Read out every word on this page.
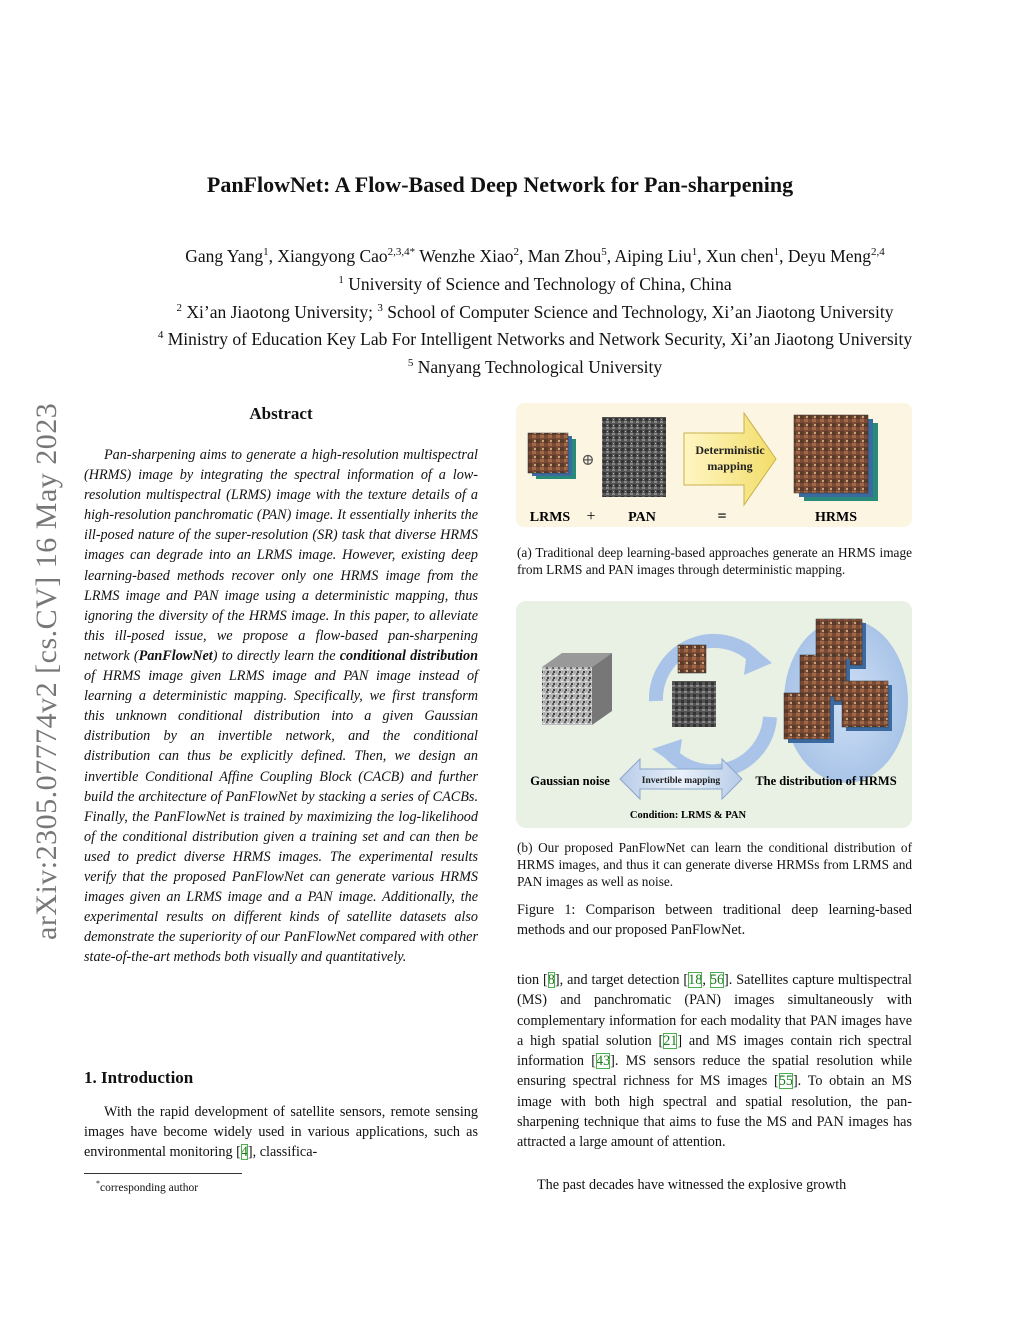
arXiv:2305.07774v2 [cs.CV] 16 May 2023
PanFlowNet: A Flow-Based Deep Network for Pan-sharpening
Gang Yang$^1$, Xiangyong Cao$^{2,3,4*}$ Wenzhe Xiao$^2$, Man Zhou$^5$, Aiping Liu$^1$, Xun chen$^1$, Deyu Meng$^{2,4}$
$^1$ University of Science and Technology of China, China
$^2$ Xi’an Jiaotong University; $^3$ School of Computer Science and Technology, Xi’an Jiaotong University
$^4$ Ministry of Education Key Lab For Intelligent Networks and Network Security, Xi’an Jiaotong University
$^5$ Nanyang Technological University
Abstract

Pan-sharpening aims to generate a high-resolution multispectral (HRMS) image by integrating the spectral information of a low-resolution multispectral (LRMS) image with the texture details of a high-resolution panchromatic (PAN) image. It essentially inherits the ill-posed nature of the super-resolution (SR) task that diverse HRMS images can degrade into an LRMS image. However, existing deep learning-based methods recover only one HRMS image from the LRMS image and PAN image using a deterministic mapping, thus ignoring the diversity of the HRMS image. In this paper, to alleviate this ill-posed issue, we propose a flow-based pan-sharpening network (PanFlowNet) to directly learn the conditional distribution of HRMS image given LRMS image and PAN image instead of learning a deterministic mapping. Specifically, we first transform this unknown conditional distribution into a given Gaussian distribution by an invertible network, and the conditional distribution can thus be explicitly defined. Then, we design an invertible Conditional Affine Coupling Block (CACB) and further build the architecture of PanFlowNet by stacking a series of CACBs. Finally, the PanFlowNet is trained by maximizing the log-likelihood of the conditional distribution given a training set and can then be used to predict diverse HRMS images. The experimental results verify that the proposed PanFlowNet can generate various HRMS images given an LRMS image and a PAN image. Additionally, the experimental results on different kinds of satellite datasets also demonstrate the superiority of our PanFlowNet compared with other state-of-the-art methods both visually and quantitatively.

1. Introduction

With the rapid development of satellite sensors, remote sensing images have become widely used in various applications, such as environmental monitoring [4], classifica-

*corresponding author
⊕
Deterministic
mapping
LRMS + PAN	=	HRMS
(a) Traditional deep learning-based approaches generate an HRMS image from LRMS and PAN images through deterministic mapping.
Invertible mapping
Gaussian noise	The distribution of HRMS
Condition: LRMS & PAN
(b) Our proposed PanFlowNet can learn the conditional distribution of HRMS images, and thus it can generate diverse HRMSs from LRMS and PAN images as well as noise.
Figure 1: Comparison between traditional deep learning-based methods and our proposed PanFlowNet.

tion [8], and target detection [18, 56]. Satellites capture multispectral (MS) and panchromatic (PAN) images simultaneously with complementary information for each modality that PAN images have a high spatial solution [21] and MS images contain rich spectral information [43]. MS sensors reduce the spatial resolution while ensuring spectral richness for MS images [55]. To obtain an MS image with both high spectral and spatial resolution, the pan-sharpening technique that aims to fuse the MS and PAN images has attracted a large amount of attention.

The past decades have witnessed the explosive growth
